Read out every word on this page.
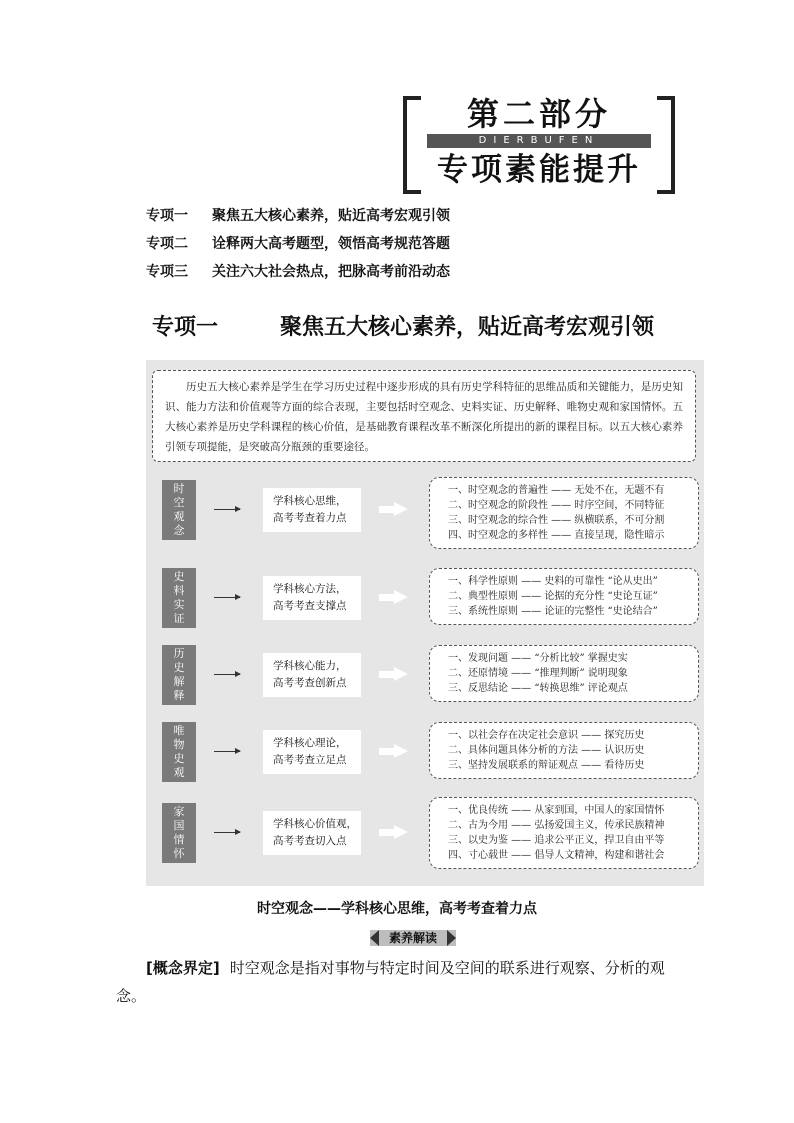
第二部分
DIERBUFEN
专项素能提升
专项一 聚焦五大核心素养，贴近高考宏观引领
专项二 诠释两大高考题型，领悟高考规范答题
专项三 关注六大社会热点，把脉高考前沿动态
专项一	聚焦五大核心素养，贴近高考宏观引领
历史五大核心素养是学生在学习历史过程中逐步形成的具有历史学科特征的思维品质和关键能力，是历史知识、能力方法和价值观等方面的综合表现，主要包括时空观念、史料实证、历史解释、唯物史观和家国情怀。五大核心素养是历史学科课程的核心价值，是基础教育课程改革不断深化所提出的新的课程目标。以五大核心素养引领专项提能，是突破高分瓶颈的重要途径。
时空观念
学科核心思维，
高考考查着力点
一、时空观念的普遍性 —— 无处不在，无题不有
二、时空观念的阶段性 —— 时序空间，不同特征
三、时空观念的综合性 —— 纵横联系，不可分割
四、时空观念的多样性 —— 直接呈现，隐性暗示
史料实证
学科核心方法，
高考考查支撑点
一、科学性原则 —— 史料的可靠性 “论从史出”
二、典型性原则 —— 论据的充分性 “史论互证”
三、系统性原则 —— 论证的完整性 “史论结合”
历史解释
学科核心能力，
高考考查创新点
一、发现问题 —— “分析比较” 掌握史实
二、还原情境 —— “推理判断” 说明现象
三、反思结论 —— “转换思维” 评论观点
唯物史观
学科核心理论，
高考考查立足点
一、以社会存在决定社会意识 —— 探究历史
二、具体问题具体分析的方法 —— 认识历史
三、坚持发展联系的辩证观点 —— 看待历史
家国情怀
学科核心价值观，
高考考查切入点
一、优良传统 —— 从家到国，中国人的家国情怀
二、古为今用 —— 弘扬爱国主义，传承民族精神
三、以史为鉴 —— 追求公平正义，捍卫自由平等
四、寸心载世 —— 倡导人文精神，构建和谐社会
时空观念——学科核心思维，高考考查着力点
素养解读
[概念界定] 时空观念是指对事物与特定时间及空间的联系进行观察、分析的观念。
